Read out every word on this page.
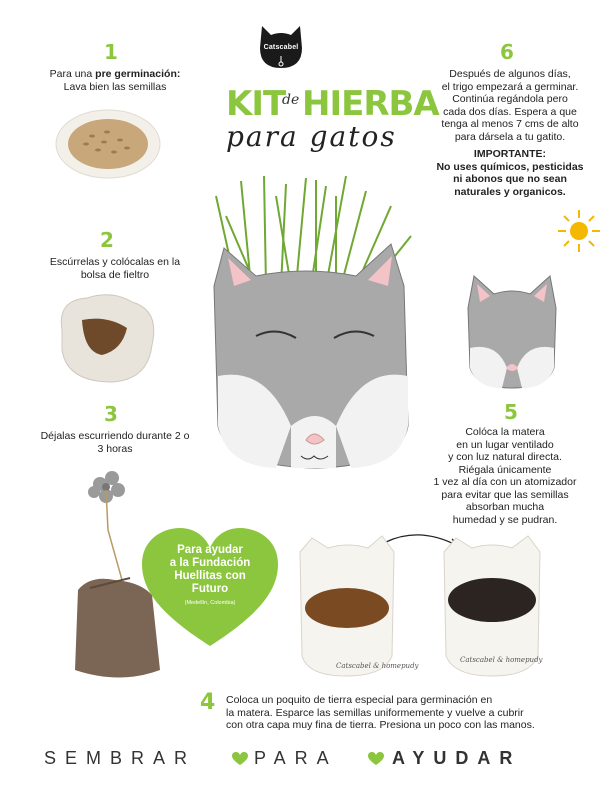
Catscabel
KIT
de HIERBA
para gatos
1
Para una pre germinación:
Lava bien las semillas
2
Escúrrelas y colócalas en la bolsa de fieltro
3
Déjalas escurriendo durante 2 o 3 horas
6
Después de algunos días,
el trigo empezará a germinar.
Continúa regándola pero
cada dos días. Espera a que
tenga al menos 7 cms de alto
para dársela a tu gatito.
IMPORTANTE:
No uses químicos, pesticidas
ni abonos que no sean
naturales y organicos.
5
Colóca la matera
en un lugar ventilado
y con luz natural directa.
Riégala únicamente
1 vez al día con un atomizador
para evitar que las semillas
absorban mucha
humedad y se pudran.
Para ayudar
a la Fundación
Huellitas con
Futuro
(Medellín, Colombia)
Catscabel & homepudy
Catscabel & homepudy
4 Coloca un poquito de tierra especial para germinación en
la matera. Esparce las semillas uniformemente y vuelve a cubrir
con otra capa muy fina de tierra. Presiona un poco con las manos.
SEMBRAR	PARA	AYUDAR
